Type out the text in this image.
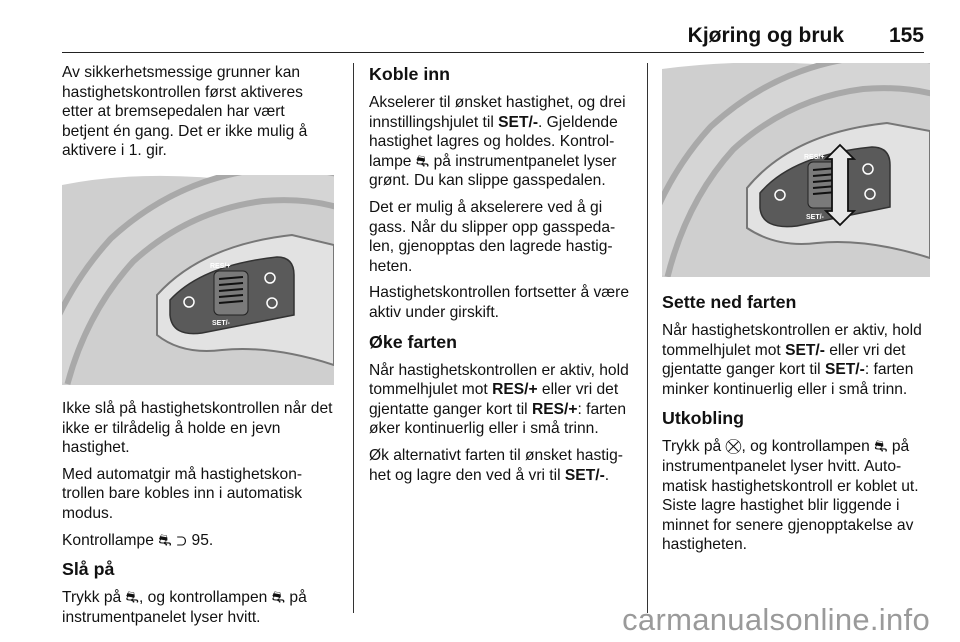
Kjøring og bruk 155

Av sikkerhetsmessige grunner kan hastighetskontrollen først aktiveres etter at bremsepedalen har vært betjent én gang. Det er ikke mulig å aktivere i 1. gir.

RES/+
SET/-

Ikke slå på hastighetskontrollen når det ikke er tilrådelig å holde en jevn hastighet.

Med automatgir må hastighetskon-trollen bare kobles inn i automatisk modus.

Kontrollampe ⛐ ⊃ 95.

Slå på

Trykk på ⛐, og kontrollampen ⛐ på instrumentpanelet lyser hvitt.

Koble inn

Akselerer til ønsket hastighet, og drei innstillingshjulet til SET/-. Gjeldende hastighet lagres og holdes. Kontrol-lampe ⛐ på instrumentpanelet lyser grønt. Du kan slippe gasspedalen.

Det er mulig å akselerere ved å gi gass. Når du slipper opp gasspeda-len, gjenopptas den lagrede hastig-heten.

Hastighetskontrollen fortsetter å være aktiv under girskift.

Øke farten

Når hastighetskontrollen er aktiv, hold tommelhjulet mot RES/+ eller vri det gjentatte ganger kort til RES/+: farten øker kontinuerlig eller i små trinn.

Øk alternativt farten til ønsket hastig-het og lagre den ved å vri til SET/-.

RES/+
SET/-
Sette ned farten

Når hastighetskontrollen er aktiv, hold tommelhjulet mot SET/- eller vri det gjentatte ganger kort til SET/-: farten minker kontinuerlig eller i små trinn.

Utkobling

Trykk på ⛒, og kontrollampen ⛐ på instrumentpanelet lyser hvitt. Auto-matisk hastighetskontroll er koblet ut. Siste lagre hastighet blir liggende i minnet for senere gjenopptakelse av hastigheten.

carmanualsonline.info
